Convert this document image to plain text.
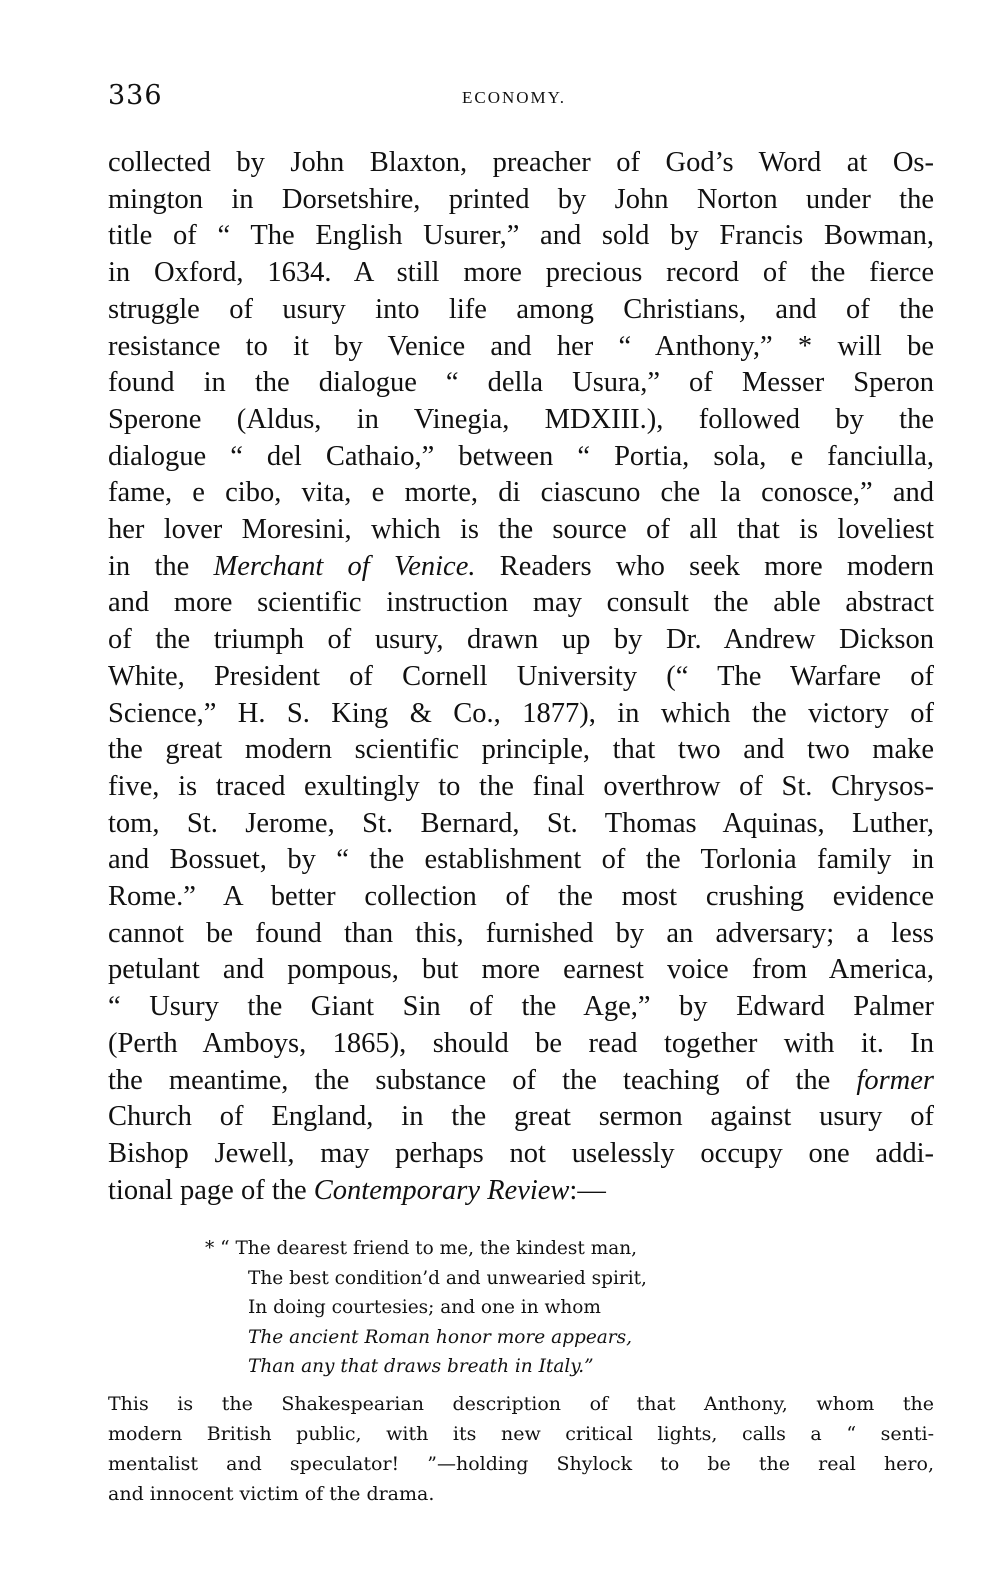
336	ECONOMY.
collected by John Blaxton, preacher of God’s Word at Os-
mington in Dorsetshire, printed by John Norton under the
title of “ The English Usurer,” and sold by Francis Bowman,
in Oxford, 1634. A still more precious record of the fierce
struggle of usury into life among Christians, and of the
resistance to it by Venice and her “ Anthony,” * will be
found in the dialogue “ della Usura,” of Messer Speron
Sperone (Aldus, in Vinegia, MDXIII.), followed by the
dialogue “ del Cathaio,” between “ Portia, sola, e fanciulla,
fame, e cibo, vita, e morte, di ciascuno che la conosce,” and
her lover Moresini, which is the source of all that is loveliest
in the Merchant of Venice. Readers who seek more modern
and more scientific instruction may consult the able abstract
of the triumph of usury, drawn up by Dr. Andrew Dickson
White, President of Cornell University (“ The Warfare of
Science,” H. S. King & Co., 1877), in which the victory of
the great modern scientific principle, that two and two make
five, is traced exultingly to the final overthrow of St. Chrysos-
tom, St. Jerome, St. Bernard, St. Thomas Aquinas, Luther,
and Bossuet, by “ the establishment of the Torlonia family in
Rome.” A better collection of the most crushing evidence
cannot be found than this, furnished by an adversary; a less
petulant and pompous, but more earnest voice from America,
“ Usury the Giant Sin of the Age,” by Edward Palmer
(Perth Amboys, 1865), should be read together with it. In
the meantime, the substance of the teaching of the former
Church of England, in the great sermon against usury of
Bishop Jewell, may perhaps not uselessly occupy one addi-
tional page of the Contemporary Review:—
* “ The dearest friend to me, the kindest man,
The best condition’d and unwearied spirit,
In doing courtesies; and one in whom
The ancient Roman honor more appears,
Than any that draws breath in Italy.”
This is the Shakespearian description of that Anthony, whom the
modern British public, with its new critical lights, calls a “ senti-
mentalist and speculator! ”—holding Shylock to be the real hero,
and innocent victim of the drama.
